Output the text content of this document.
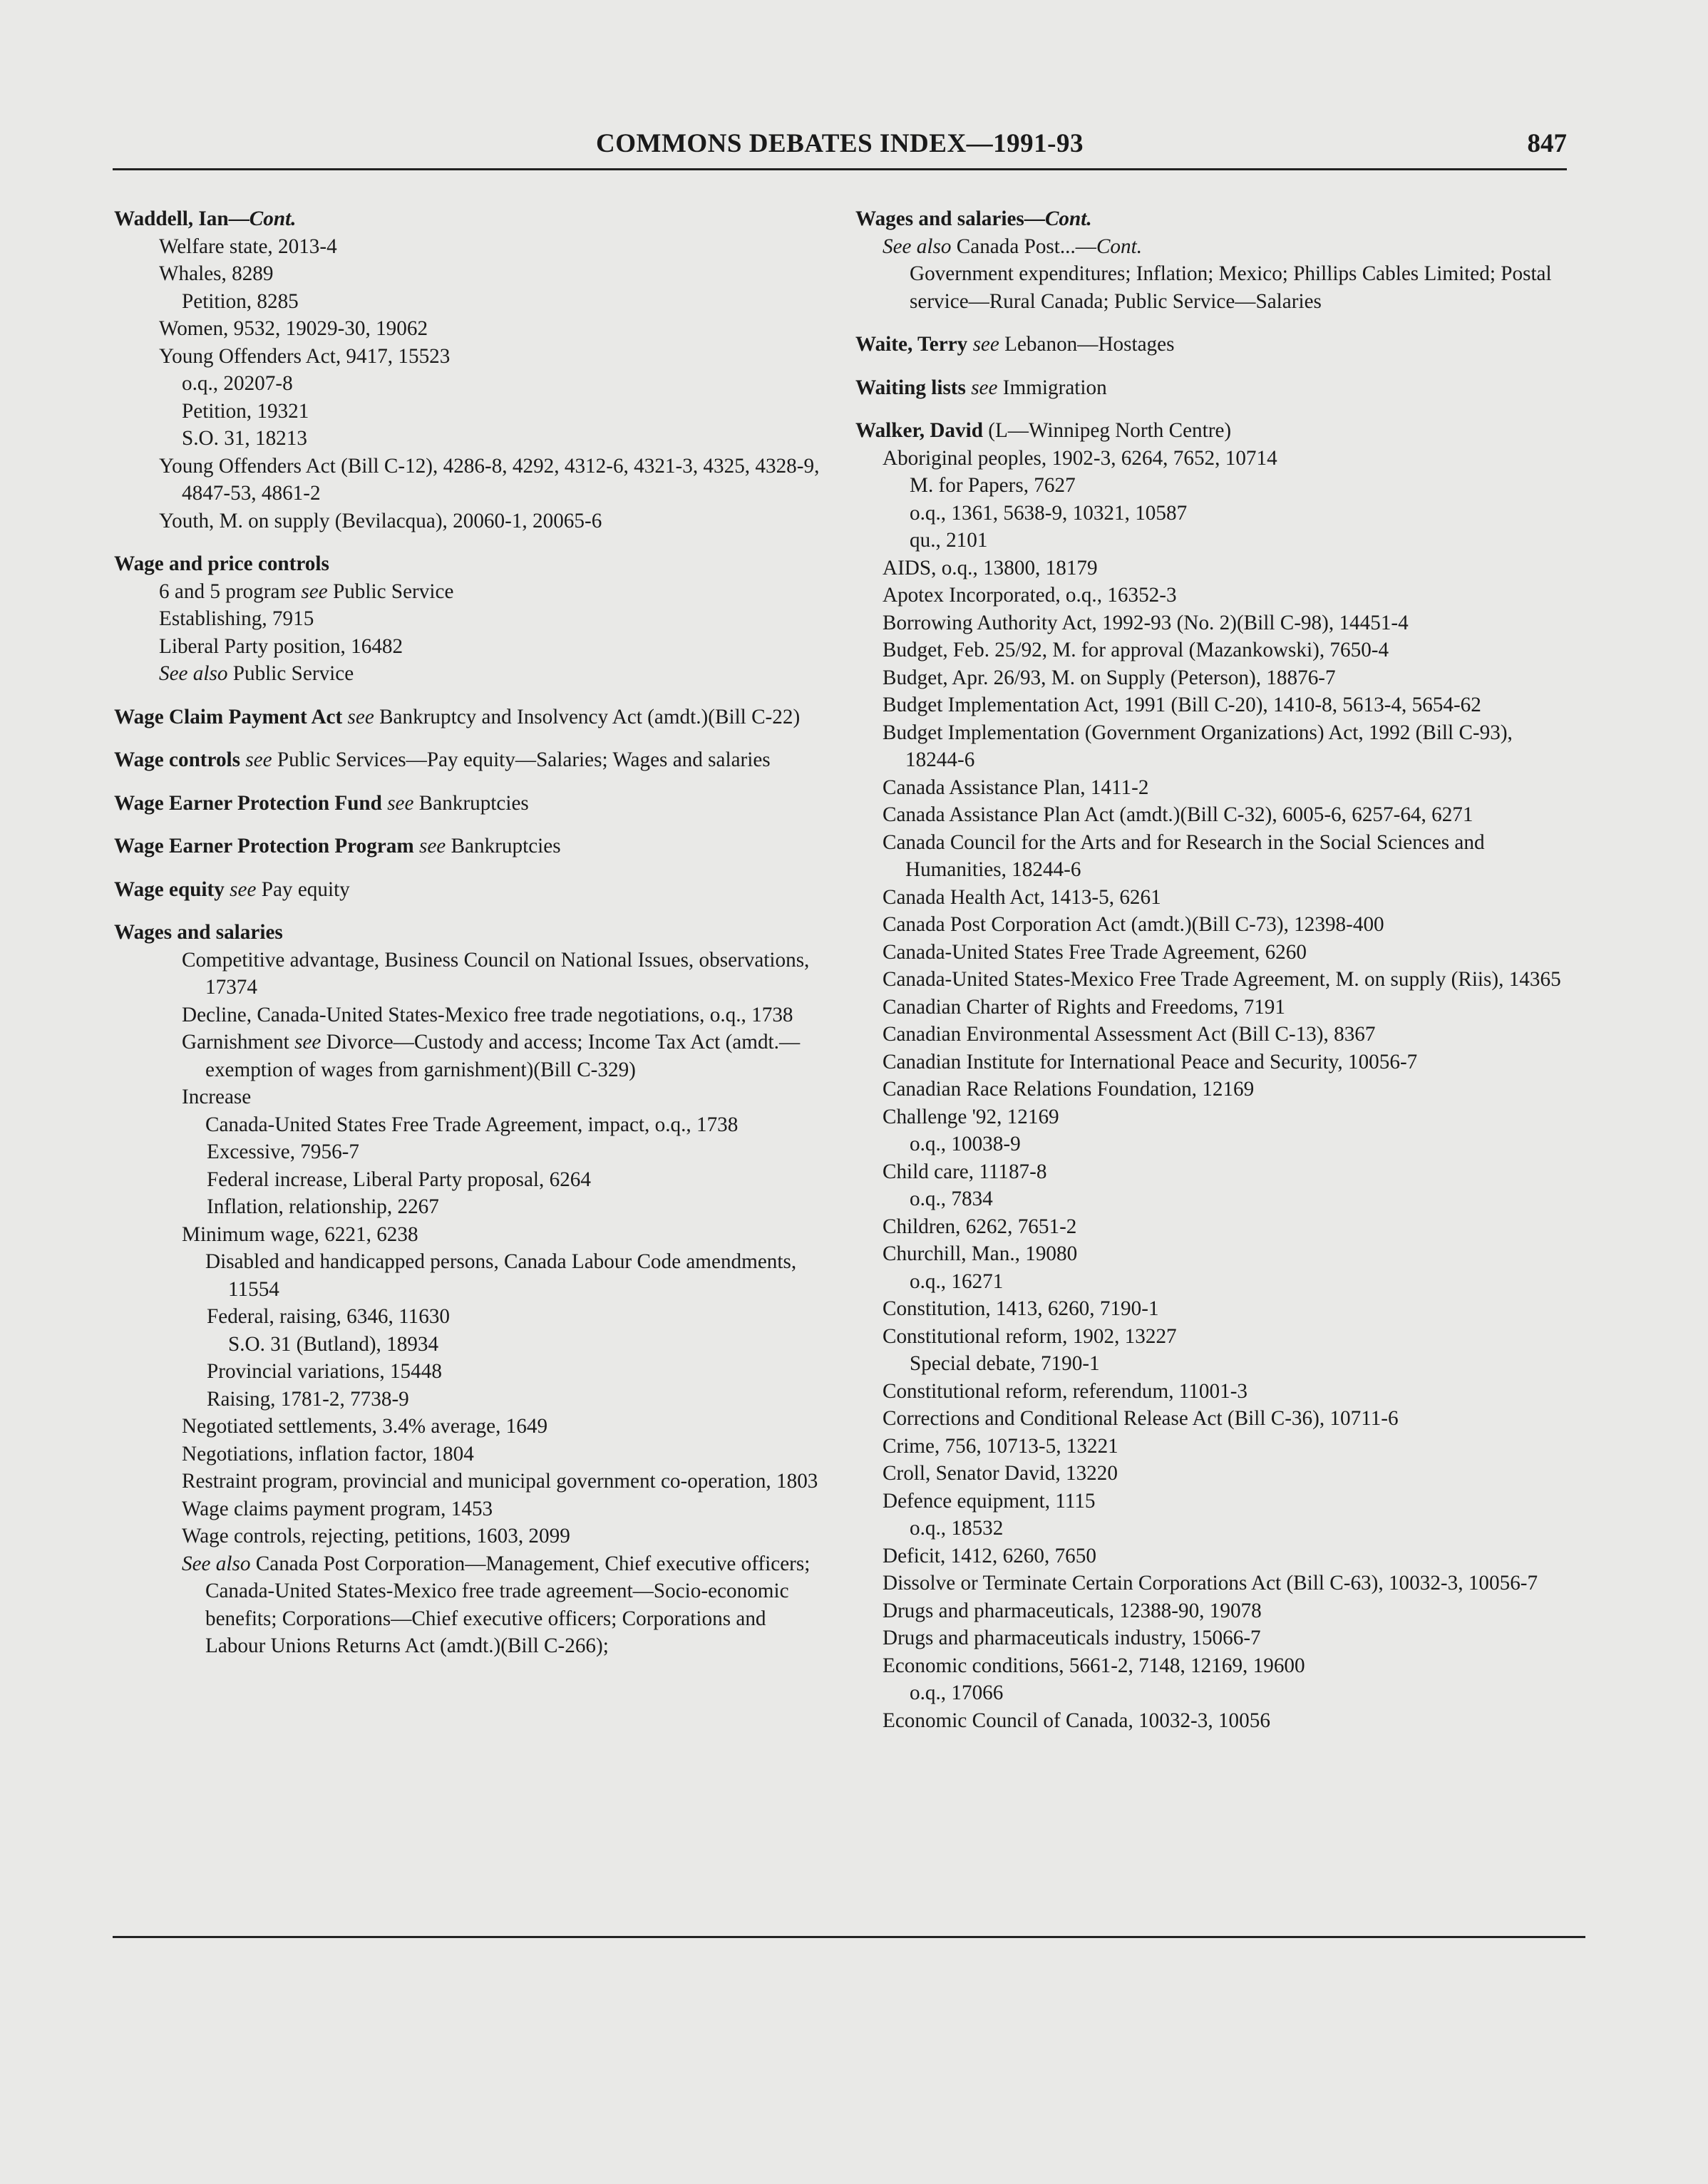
COMMONS DEBATES INDEX—1991-93	847
Waddell, Ian—Cont.
Welfare state, 2013-4
Whales, 8289
Petition, 8285
Women, 9532, 19029-30, 19062
Young Offenders Act, 9417, 15523
o.q., 20207-8
Petition, 19321
S.O. 31, 18213
Young Offenders Act (Bill C-12), 4286-8, 4292, 4312-6, 4321-3, 4325, 4328-9, 4847-53, 4861-2
Youth, M. on supply (Bevilacqua), 20060-1, 20065-6
Wage and price controls
6 and 5 program see Public Service
Establishing, 7915
Liberal Party position, 16482
See also Public Service
Wage Claim Payment Act see Bankruptcy and Insolvency Act (amdt.)(Bill C-22)
Wage controls see Public Services—Pay equity—Salaries; Wages and salaries
Wage Earner Protection Fund see Bankruptcies
Wage Earner Protection Program see Bankruptcies
Wage equity see Pay equity
Wages and salaries
Competitive advantage, Business Council on National Issues, observations, 17374
Decline, Canada-United States-Mexico free trade negotiations, o.q., 1738
Garnishment see Divorce—Custody and access; Income Tax Act (amdt.—exemption of wages from garnishment)(Bill C-329)
Increase
Canada-United States Free Trade Agreement, impact, o.q., 1738
Excessive, 7956-7
Federal increase, Liberal Party proposal, 6264
Inflation, relationship, 2267
Minimum wage, 6221, 6238
Disabled and handicapped persons, Canada Labour Code amendments, 11554
Federal, raising, 6346, 11630
S.O. 31 (Butland), 18934
Provincial variations, 15448
Raising, 1781-2, 7738-9
Negotiated settlements, 3.4% average, 1649
Negotiations, inflation factor, 1804
Restraint program, provincial and municipal government co-operation, 1803
Wage claims payment program, 1453
Wage controls, rejecting, petitions, 1603, 2099
See also Canada Post Corporation—Management, Chief executive officers; Canada-United States-Mexico free trade agreement—Socio-economic benefits; Corporations—Chief executive officers; Corporations and Labour Unions Returns Act (amdt.)(Bill C-266);
Wages and salaries—Cont.
See also Canada Post...—Cont.
Government expenditures; Inflation; Mexico; Phillips Cables Limited; Postal service—Rural Canada; Public Service—Salaries
Waite, Terry see Lebanon—Hostages
Waiting lists see Immigration
Walker, David (L—Winnipeg North Centre)
Aboriginal peoples, 1902-3, 6264, 7652, 10714
M. for Papers, 7627
o.q., 1361, 5638-9, 10321, 10587
qu., 2101
AIDS, o.q., 13800, 18179
Apotex Incorporated, o.q., 16352-3
Borrowing Authority Act, 1992-93 (No. 2)(Bill C-98), 14451-4
Budget, Feb. 25/92, M. for approval (Mazankowski), 7650-4
Budget, Apr. 26/93, M. on Supply (Peterson), 18876-7
Budget Implementation Act, 1991 (Bill C-20), 1410-8, 5613-4, 5654-62
Budget Implementation (Government Organizations) Act, 1992 (Bill C-93), 18244-6
Canada Assistance Plan, 1411-2
Canada Assistance Plan Act (amdt.)(Bill C-32), 6005-6, 6257-64, 6271
Canada Council for the Arts and for Research in the Social Sciences and Humanities, 18244-6
Canada Health Act, 1413-5, 6261
Canada Post Corporation Act (amdt.)(Bill C-73), 12398-400
Canada-United States Free Trade Agreement, 6260
Canada-United States-Mexico Free Trade Agreement, M. on supply (Riis), 14365
Canadian Charter of Rights and Freedoms, 7191
Canadian Environmental Assessment Act (Bill C-13), 8367
Canadian Institute for International Peace and Security, 10056-7
Canadian Race Relations Foundation, 12169
Challenge '92, 12169
o.q., 10038-9
Child care, 11187-8
o.q., 7834
Children, 6262, 7651-2
Churchill, Man., 19080
o.q., 16271
Constitution, 1413, 6260, 7190-1
Constitutional reform, 1902, 13227
Special debate, 7190-1
Constitutional reform, referendum, 11001-3
Corrections and Conditional Release Act (Bill C-36), 10711-6
Crime, 756, 10713-5, 13221
Croll, Senator David, 13220
Defence equipment, 1115
o.q., 18532
Deficit, 1412, 6260, 7650
Dissolve or Terminate Certain Corporations Act (Bill C-63), 10032-3, 10056-7
Drugs and pharmaceuticals, 12388-90, 19078
Drugs and pharmaceuticals industry, 15066-7
Economic conditions, 5661-2, 7148, 12169, 19600
o.q., 17066
Economic Council of Canada, 10032-3, 10056
